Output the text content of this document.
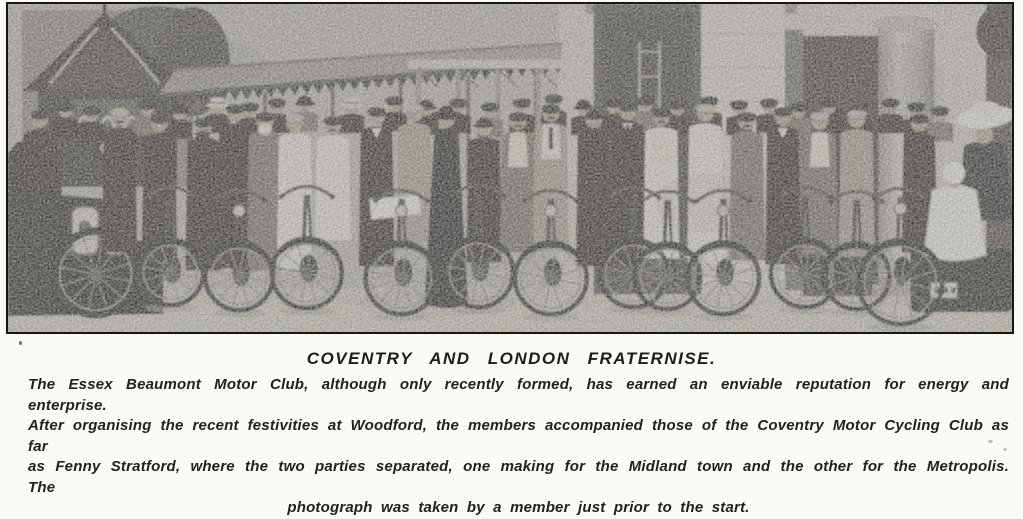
COVENTRY AND LONDON FRATERNISE.

The Essex Beaumont Motor Club, although only recently formed, has earned an enviable reputation for energy and enterprise.

After organising the recent festivities at Woodford, the members accompanied those of the Coventry Motor Cycling Club as far

as Fenny Stratford, where the two parties separated, one making for the Midland town and the other for the Metropolis. The

photograph was taken by a member just prior to the start.
